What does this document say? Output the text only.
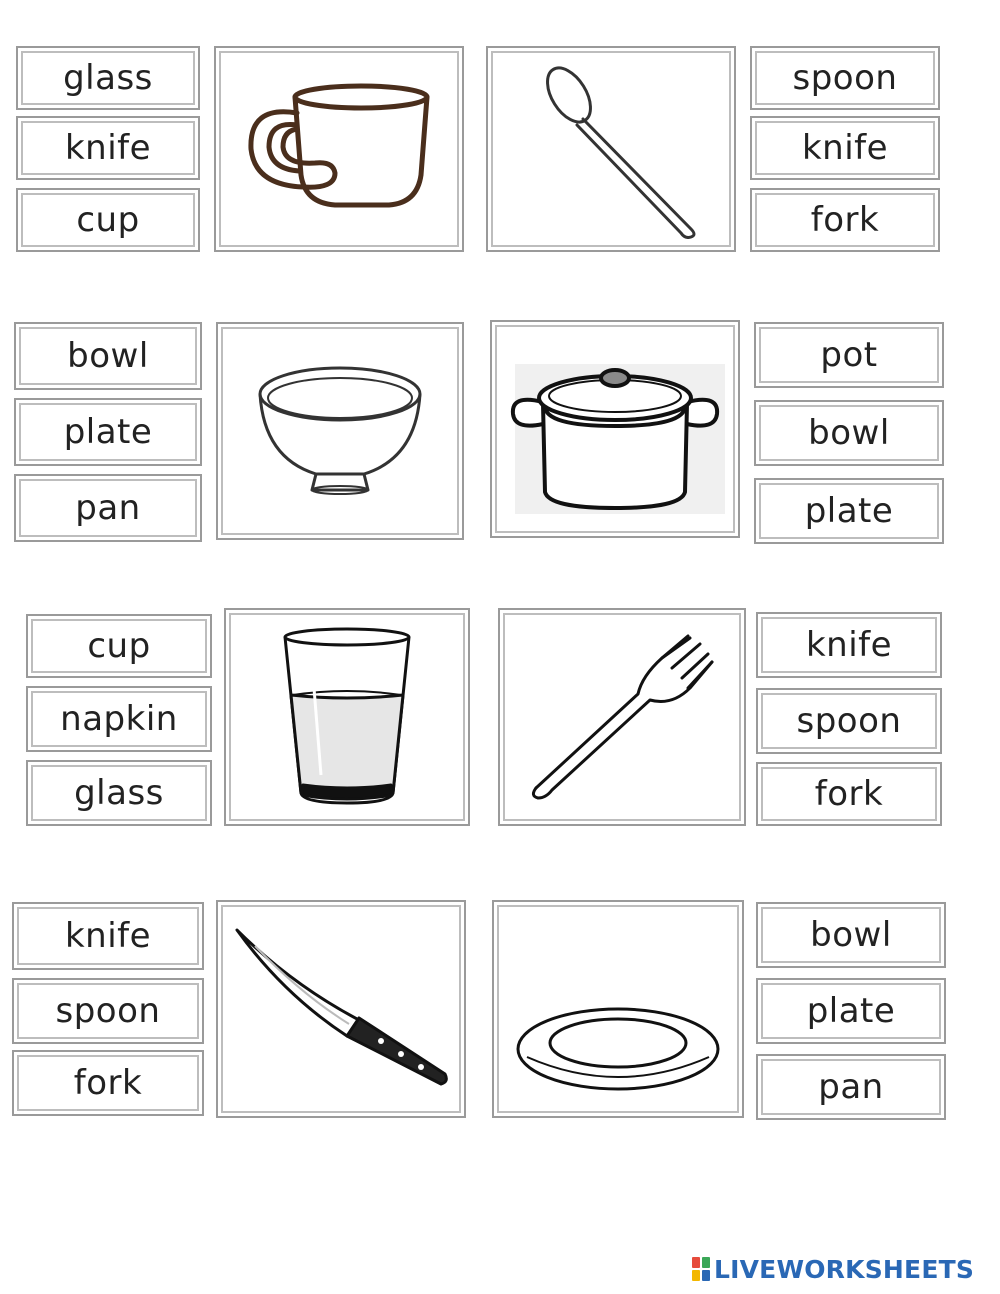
glass
knife
cup
spoon
knife
fork
bowl
plate
pan
pot
bowl
plate
cup
napkin
glass
knife
spoon
fork
knife
spoon
fork
bowl
plate
pan
LIVEWORKSHEETS
